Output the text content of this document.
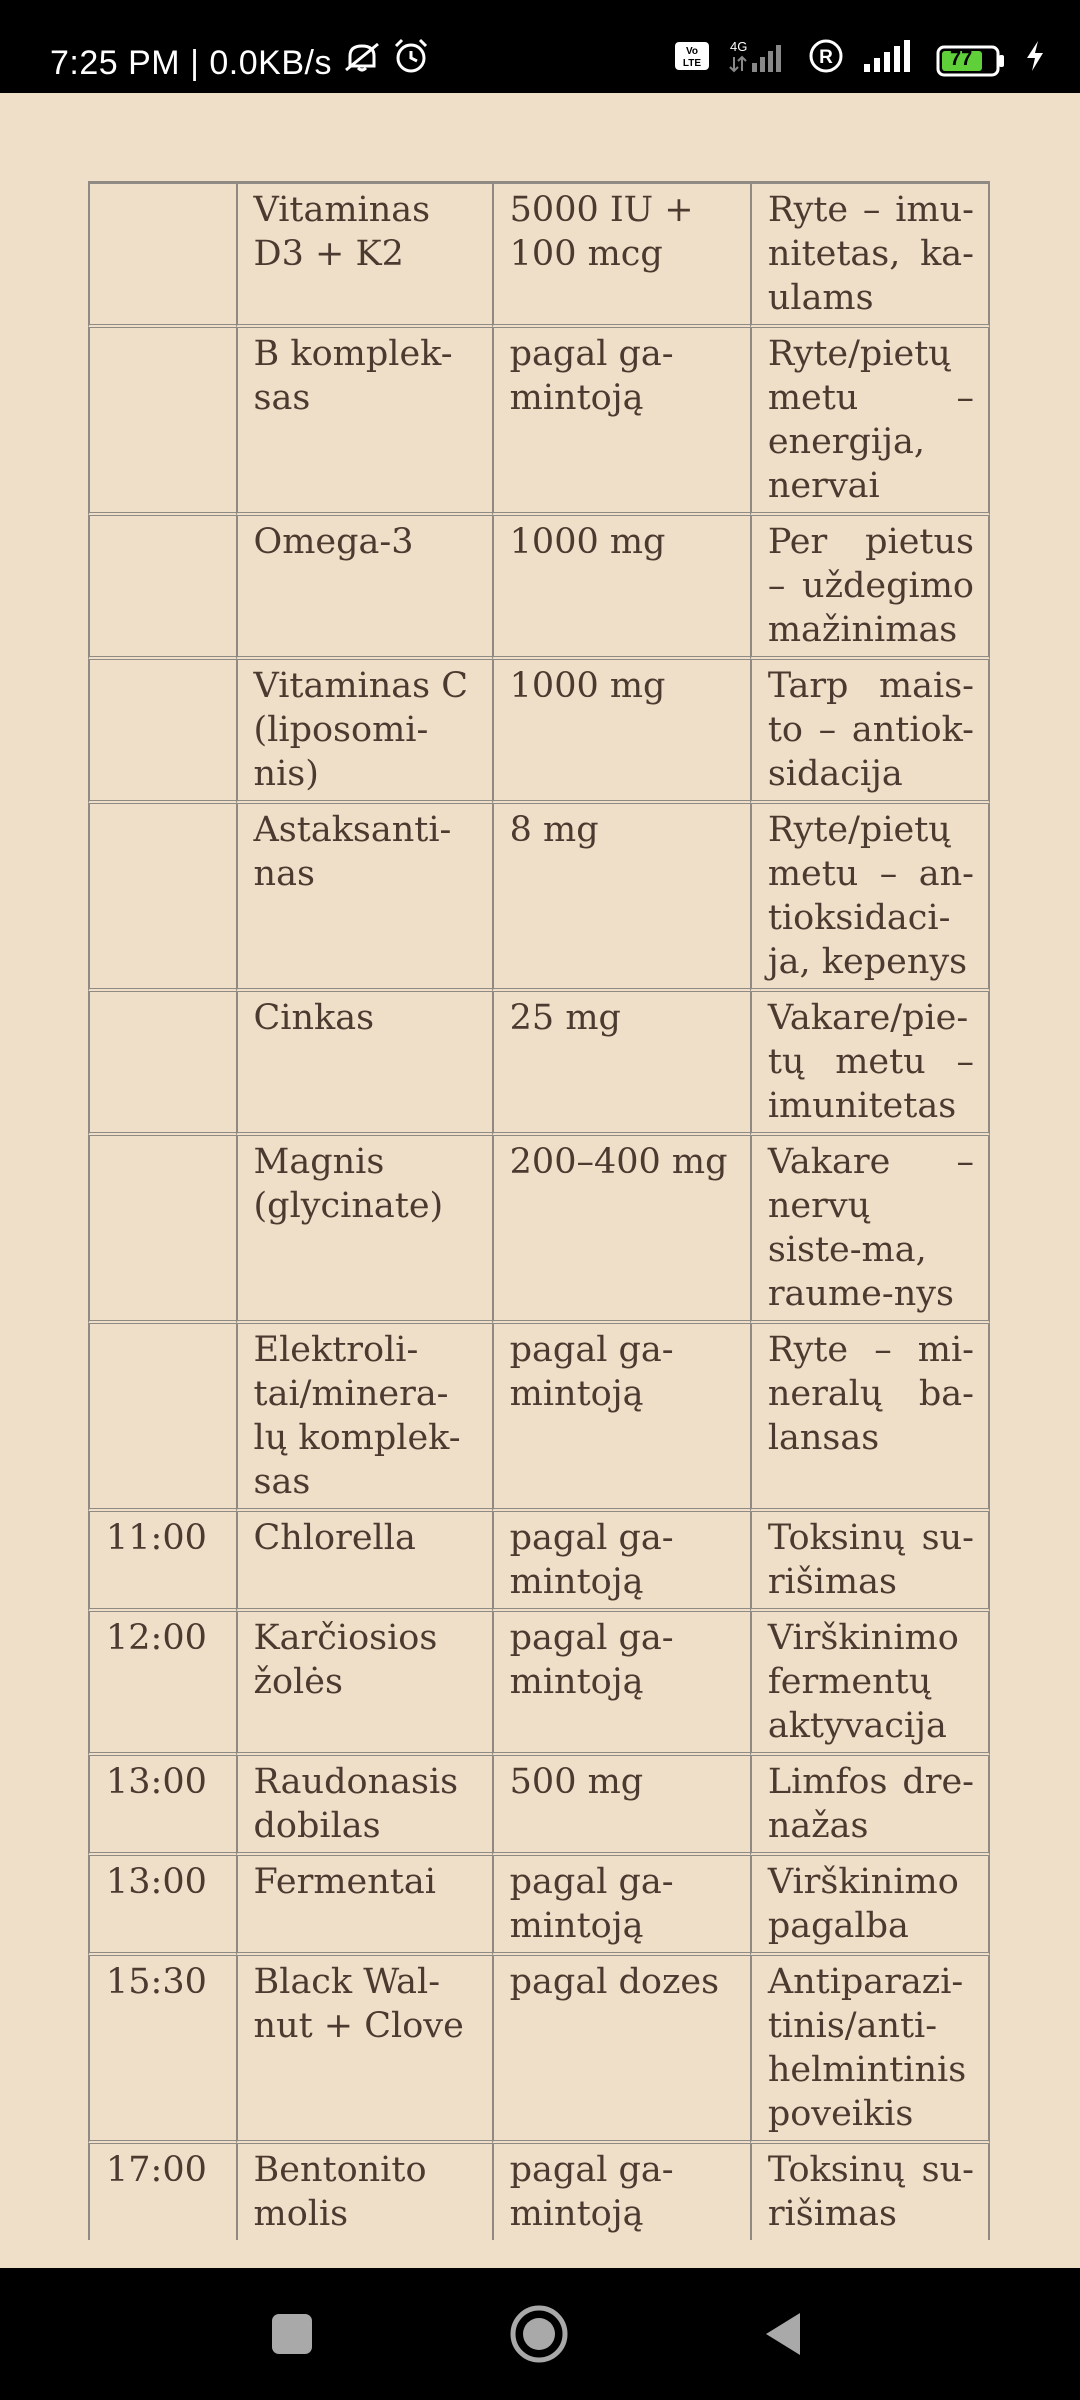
7:25 PM | 0.0KB/s	Vo
LTE
4G
R	77
	Vitaminas D3 + K2	5000 IU + 100 mcg	Ryte – imu-nitetas, ka-ulams
	B komplek-sas	pagal ga-mintoją	Ryte/pietų metu – energija, nervai
	Omega-3	1000 mg	Per pietus – uždegimo mažinimas
	Vitaminas C (liposomi-nis)	1000 mg	Tarp mais-to – antiok-sidacija
	Astaksanti-nas	8 mg	Ryte/pietų metu – an-tioksidaci-ja, kepenys
	Cinkas	25 mg	Vakare/pie-tų metu – imunitetas
	Magnis (glycinate)	200–400 mg	Vakare – nervų siste-ma, raume-nys
	Elektroli-tai/minera-lų komplek-sas	pagal ga-mintoją	Ryte – mi-neralų ba-lansas
11:00	Chlorella	pagal ga-mintoją	Toksinų su-rišimas
12:00	Karčiosios žolės	pagal ga-mintoją	Virškinimo fermentų aktyvacija
13:00	Raudonasis dobilas	500 mg	Limfos dre-nažas
13:00	Fermentai	pagal ga-mintoją	Virškinimo pagalba
15:30	Black Wal-nut + Clove	pagal dozes	Antiparazi-tinis/anti-helmintinis poveikis
17:00	Bentonito molis	pagal ga-mintoją	Toksinų su-rišimas
